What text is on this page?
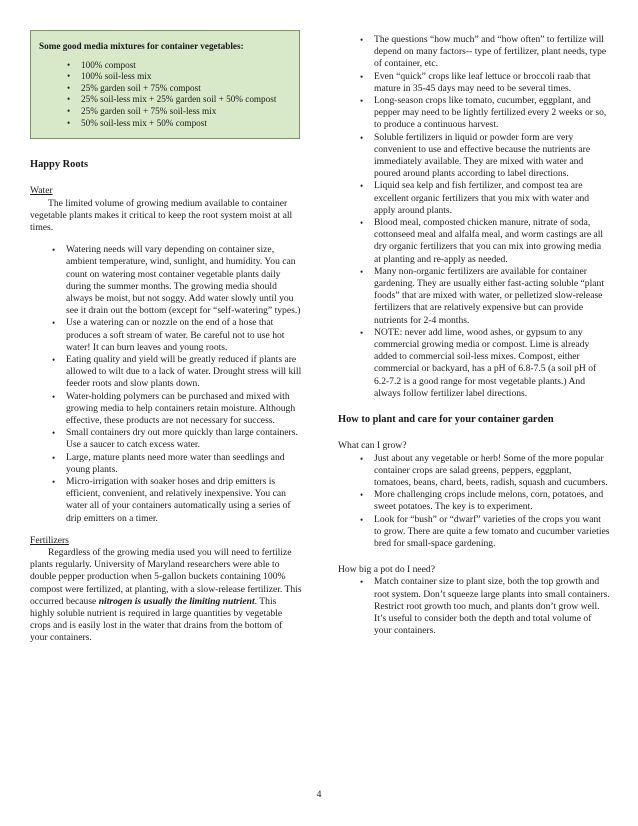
Some good media mixtures for container vegetables:
• 100% compost
• 100% soil-less mix
• 25% garden soil + 75% compost
• 25% soil-less mix + 25% garden soil + 50% compost
• 25% garden soil + 75% soil-less mix
• 50% soil-less mix + 50% compost
Happy Roots

Water

The limited volume of growing medium available to container vegetable plants makes it critical to keep the root system moist at all times.

• Watering needs will vary depending on container size, ambient temperature, wind, sunlight, and humidity. You can count on watering most container vegetable plants daily during the summer months. The growing media should always be moist, but not soggy. Add water slowly until you see it drain out the bottom (except for “self-watering” types.)
• Use a watering can or nozzle on the end of a hose that produces a soft stream of water. Be careful not to use hot water! It can burn leaves and young roots.
• Eating quality and yield will be greatly reduced if plants are allowed to wilt due to a lack of water. Drought stress will kill feeder roots and slow plants down.
• Water-holding polymers can be purchased and mixed with growing media to help containers retain moisture. Although effective, these products are not necessary for success.
• Small containers dry out more quickly than large containers. Use a saucer to catch excess water.
• Large, mature plants need more water than seedlings and young plants.
• Micro-irrigation with soaker hoses and drip emitters is efficient, convenient, and relatively inexpensive. You can water all of your containers automatically using a series of drip emitters on a timer.

Fertilizers

Regardless of the growing media used you will need to fertilize plants regularly. University of Maryland researchers were able to double pepper production when 5-gallon buckets containing 100% compost were fertilized, at planting, with a slow-release fertilizer. This occurred because nitrogen is usually the limiting nutrient. This highly soluble nutrient is required in large quantities by vegetable crops and is easily lost in the water that drains from the bottom of your containers.

• The questions “how much” and “how often” to fertilize will depend on many factors-- type of fertilizer, plant needs, type of container, etc.
• Even “quick” crops like leaf lettuce or broccoli raab that mature in 35-45 days may need to be several times.
• Long-season crops like tomato, cucumber, eggplant, and pepper may need to be lightly fertilized every 2 weeks or so, to produce a continuous harvest.
• Soluble fertilizers in liquid or powder form are very convenient to use and effective because the nutrients are immediately available. They are mixed with water and poured around plants according to label directions.
• Liquid sea kelp and fish fertilizer, and compost tea are excellent organic fertilizers that you mix with water and apply around plants.
• Blood meal, composted chicken manure, nitrate of soda, cottonseed meal and alfalfa meal, and worm castings are all dry organic fertilizers that you can mix into growing media at planting and re-apply as needed.
• Many non-organic fertilizers are available for container gardening. They are usually either fast-acting soluble “plant foods” that are mixed with water, or pelletized slow-release fertilizers that are relatively expensive but can provide nutrients for 2-4 months.
• NOTE: never add lime, wood ashes, or gypsum to any commercial growing media or compost. Lime is already added to commercial soil-less mixes. Compost, either commercial or backyard, has a pH of 6.8-7.5 (a soil pH of 6.2-7.2 is a good range for most vegetable plants.) And always follow fertilizer label directions.
How to plant and care for your container garden

What can I grow?

• Just about any vegetable or herb! Some of the more popular container crops are salad greens, peppers, eggplant, tomatoes, beans, chard, beets, radish, squash and cucumbers.
• More challenging crops include melons, corn, potatoes, and sweet potatoes. The key is to experiment.
• Look for “bush” or “dwarf” varieties of the crops you want to grow. There are quite a few tomato and cucumber varieties bred for small-space gardening.

How big a pot do I need?

• Match container size to plant size, both the top growth and root system. Don’t squeeze large plants into small containers. Restrict root growth too much, and plants don’t grow well. It’s useful to consider both the depth and total volume of your containers.
4
